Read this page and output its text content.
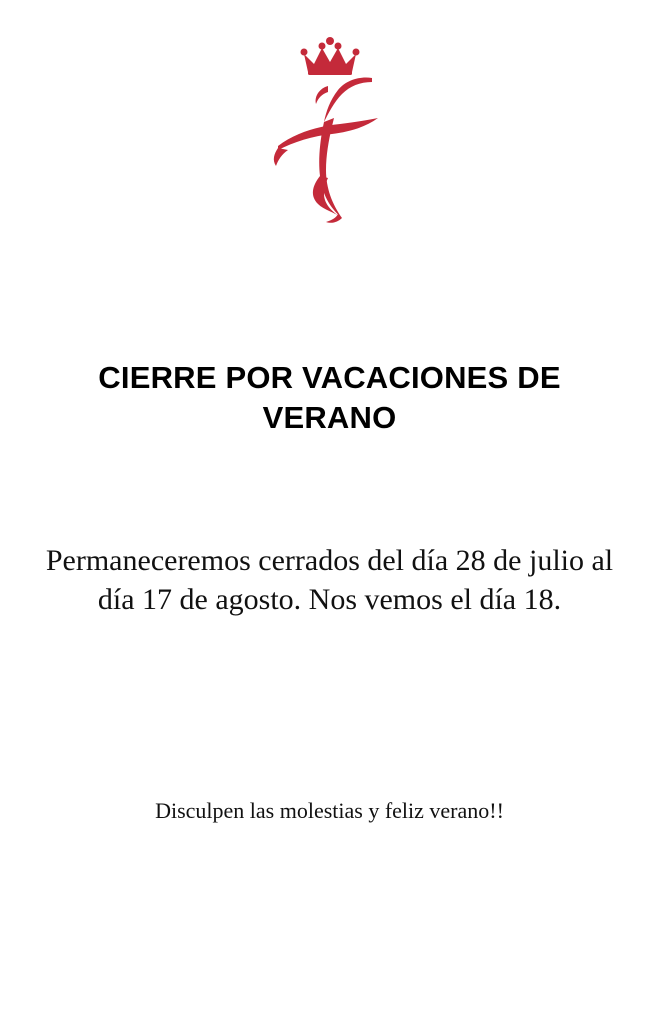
CIERRE POR VACACIONES DE VERANO
Permaneceremos cerrados del día 28 de julio al día 17 de agosto. Nos vemos el día 18.
Disculpen las molestias y feliz verano!!
